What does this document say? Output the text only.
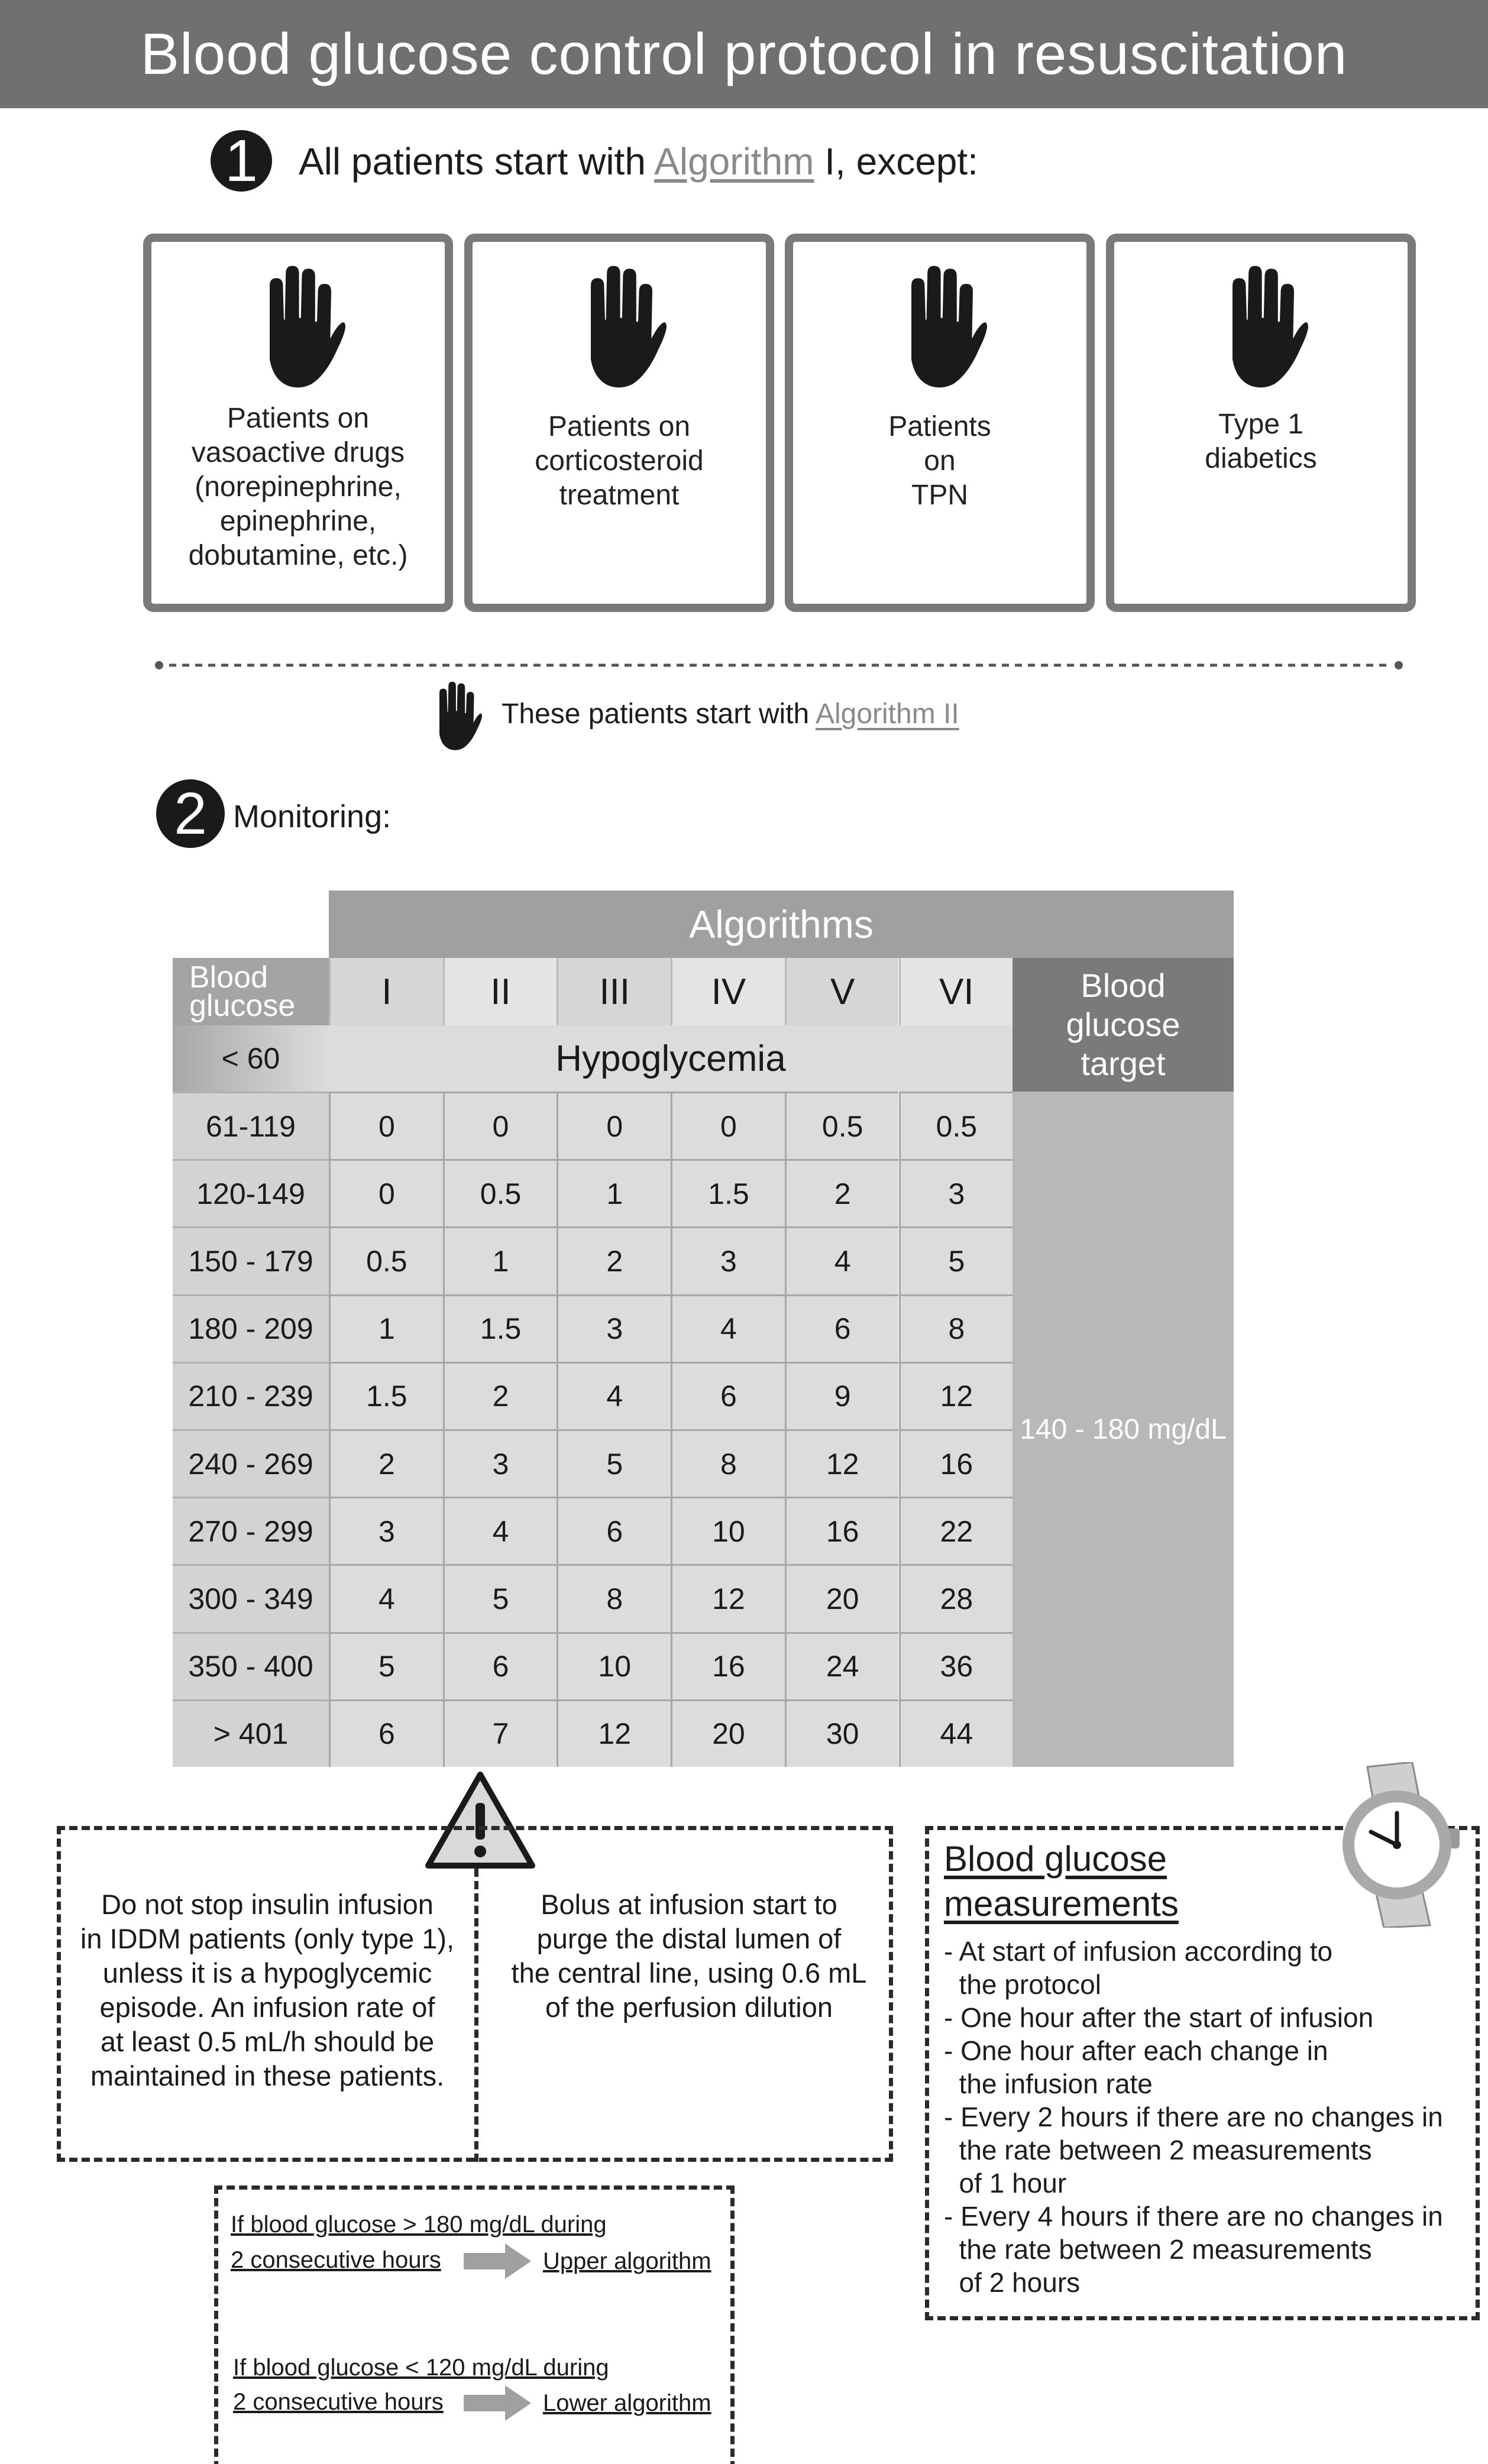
Blood glucose control protocol in resuscitation
1	All patients start with Algorithm I, except:
Patients on
vasoactive drugs
(norepinephrine,
epinephrine,
dobutamine, etc.)
Patients on
corticosteroid
treatment
Patients
on
TPN
Type 1
diabetics
These patients start with Algorithm II
2 Monitoring:
Algorithms
Blood
glucose	I	II	III	IV	V	VI	Blood
glucose
target
< 60	Hypoglycemia
140 - 180 mg/dL
61-119	0	0	0	0	0.5	0.5
120-149	0	0.5	1	1.5	2	3
150 - 179	0.5	1	2	3	4	5
180 - 209	1	1.5	3	4	6	8
210 - 239	1.5	2	4	6	9	12
240 - 269	2	3	5	8	12	16
270 - 299	3	4	6	10	16	22
300 - 349	4	5	8	12	20	28
350 - 400	5	6	10	16	24	36
> 401	6	7	12	20	30	44
Do not stop insulin infusion
in IDDM patients (only type 1),
unless it is a hypoglycemic
episode. An infusion rate of
at least 0.5 mL/h should be
maintained in these patients.
Bolus at infusion start to
purge the distal lumen of
the central line, using 0.6 mL
of the perfusion dilution
If blood glucose > 180 mg/dL during
2 consecutive hours	Upper algorithm
If blood glucose < 120 mg/dL during
2 consecutive hours	Lower algorithm
Blood glucose
measurements
- At start of infusion according to
the protocol
- One hour after the start of infusion
- One hour after each change in
the infusion rate
- Every 2 hours if there are no changes in
the rate between 2 measurements
of 1 hour
- Every 4 hours if there are no changes in
the rate between 2 measurements
of 2 hours
